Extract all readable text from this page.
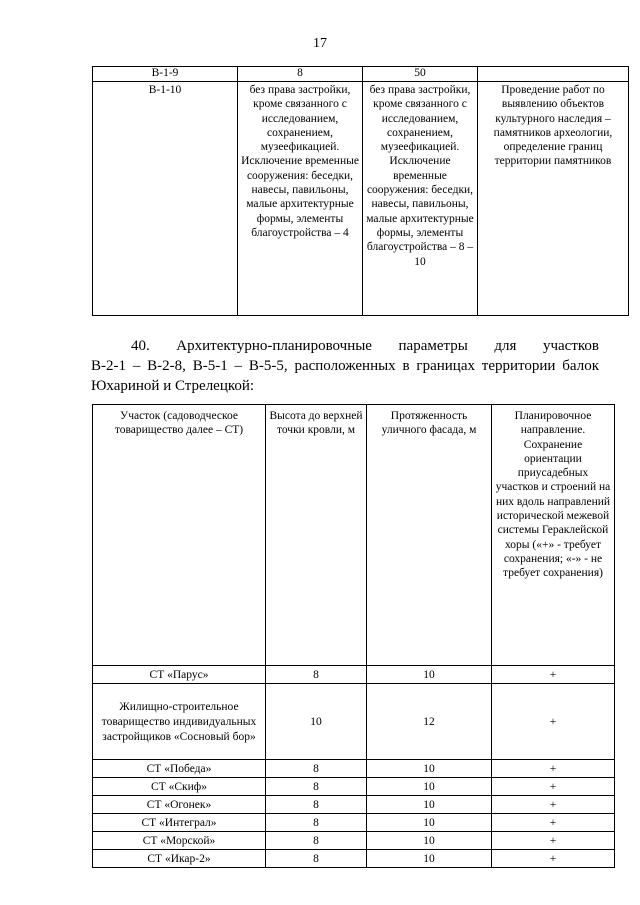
17
В-1-9	8	50	
В-1-10	без права застройки, кроме связанного с исследованием, сохранением, музеефикацией. Исключение временные сооружения: беседки, навесы, павильоны, малые архитектурные формы, элементы благоустройства – 4	без права застройки, кроме связанного с исследованием, сохранением, музеефикацией. Исключение временные сооружения: беседки, навесы, павильоны, малые архитектурные формы, элементы благоустройства – 8 – 10	Проведение работ по выявлению объектов культурного наследия – памятников археологии, определение границ территории памятников
40. Архитектурно-планировочные параметры для участков
В-2-1 – В-2-8, В-5-1 – В-5-5, расположенных в границах территории балок Юхариной и Стрелецкой:
Участок (садоводческое товарищество далее – СТ)	Высота до верхней точки кровли, м	Протяженность уличного фасада, м	Планировочное направление. Сохранение ориентации приусадебных участков и строений на них вдоль направлений исторической межевой системы Гераклейской хоры («+» - требует сохранения; «-» - не требует сохранения)
СТ «Парус»	8	10	+
Жилищно-строительное товарищество индивидуальных застройщиков «Сосновый бор»	10	12	+
СТ «Победа»	8	10	+
СТ «Скиф»	8	10	+
СТ «Огонек»	8	10	+
СТ «Интеграл»	8	10	+
СТ «Морской»	8	10	+
СТ «Икар-2»	8	10	+
